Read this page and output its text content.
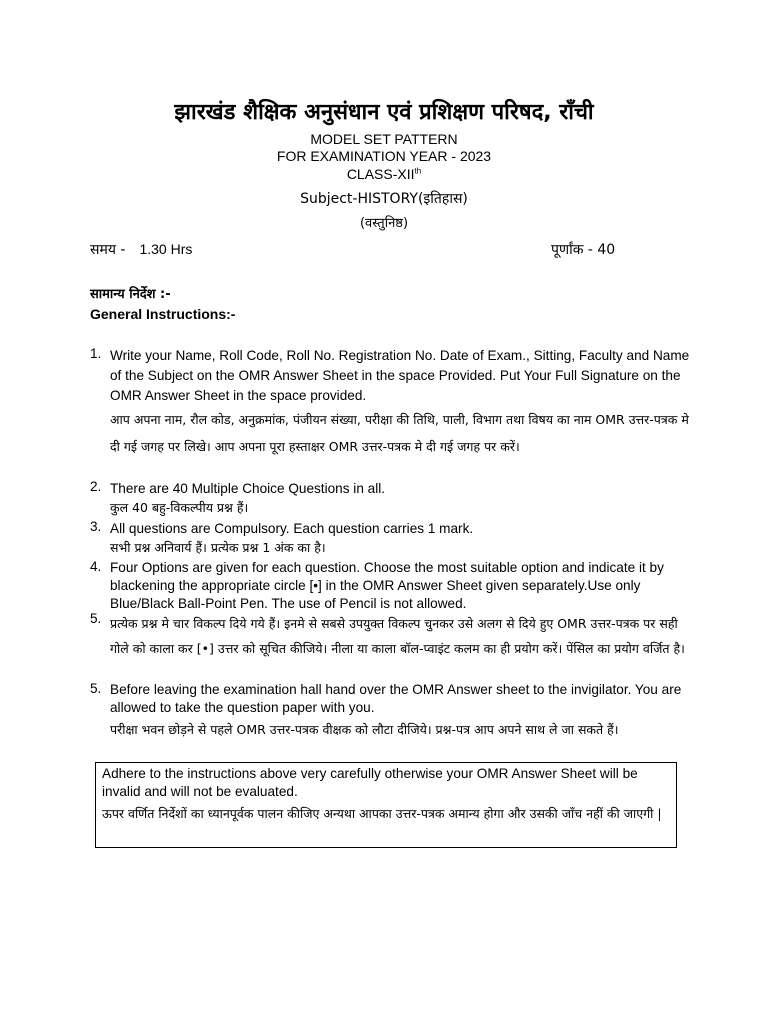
झारखंड शैक्षिक अनुसंधान एवं प्रशिक्षण परिषद, राँची
MODEL SET PATTERN
FOR EXAMINATION YEAR - 2023
CLASS-XIIth
Subject-HISTORY(इतिहास)
(वस्तुनिष्ठ)
समय - 1.30 Hrs	पूर्णांक - 40
सामान्य निर्देश :-
General Instructions:-
1. Write your Name, Roll Code, Roll No. Registration No. Date of Exam., Sitting, Faculty and Name of the Subject on the OMR Answer Sheet in the space Provided. Put Your Full Signature on the OMR Answer Sheet in the space provided.
आप अपना नाम, रौल कोड, अनुक्रमांक, पंजीयन संख्या, परीक्षा की तिथि, पाली, विभाग तथा विषय का नाम OMR उत्तर-पत्रक मे दी गई जगह पर लिखे। आप अपना पूरा हस्ताक्षर OMR उत्तर-पत्रक मे दी गई जगह पर करें।
2. There are 40 Multiple Choice Questions in all.
कुल 40 बहु-विकल्पीय प्रश्न हैं।
3. All questions are Compulsory. Each question carries 1 mark.
सभी प्रश्न अनिवार्य हैं। प्रत्येक प्रश्न 1 अंक का है।
4. Four Options are given for each question. Choose the most suitable option and indicate it by blackening the appropriate circle [•] in the OMR Answer Sheet given separately.Use only Blue/Black Ball-Point Pen. The use of Pencil is not allowed.
5. प्रत्येक प्रश्न मे चार विकल्प दिये गये हैं। इनमे से सबसे उपयुक्त विकल्प चुनकर उसे अलग से दिये हुए OMR उत्तर-पत्रक पर सही गोले को काला कर [•] उत्तर को सूचित कीजिये। नीला या काला बॉल-प्वाइंट कलम का ही प्रयोग करें। पेंसिल का प्रयोग वर्जित है।
5. Before leaving the examination hall hand over the OMR Answer sheet to the invigilator. You are allowed to take the question paper with you.
परीक्षा भवन छोड़ने से पहले OMR उत्तर-पत्रक वीक्षक को लौटा दीजिये। प्रश्न-पत्र आप अपने साथ ले जा सकते हैं।
Adhere to the instructions above very carefully otherwise your OMR Answer Sheet will be invalid and will not be evaluated.
ऊपर वर्णित निर्देशों का ध्यानपूर्वक पालन कीजिए अन्यथा आपका उत्तर-पत्रक अमान्य होगा और उसकी जाँच नहीं की जाएगी |
